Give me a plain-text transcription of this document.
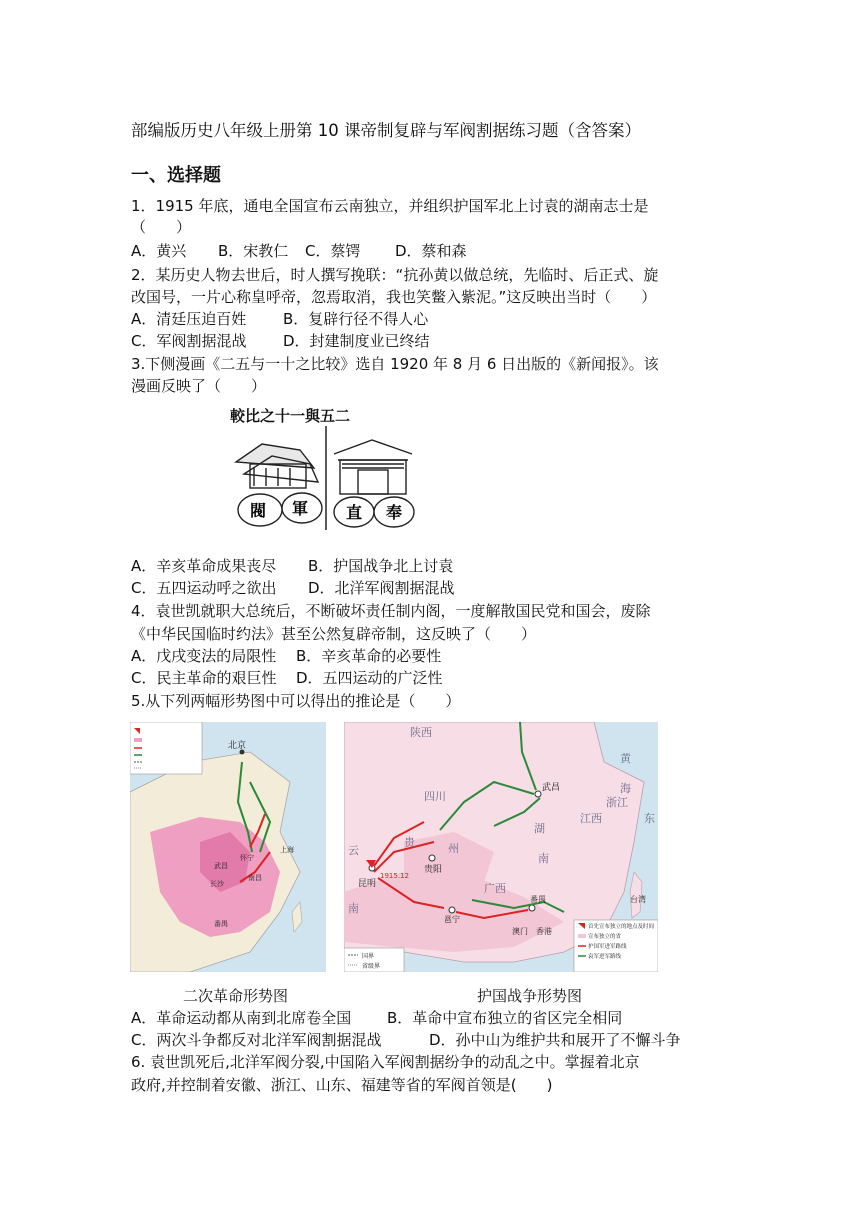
部编版历史八年级上册第 10 课帝制复辟与军阀割据练习题（含答案）
一、选择题
1．1915 年底，通电全国宣布云南独立，并组织护国军北上讨袁的湖南志士是
（　　）
A．黄兴 B．宋教仁 C．蔡锷 D．蔡和森
2．某历史人物去世后，时人撰写挽联：“抗孙黄以做总统，先临时、后正式、旋
改国号，一片心称皇呼帝，忽焉取消，我也笑鳖入紫泥。”这反映出当时（　　）
A．清廷压迫百姓 B．复辟行径不得人心
C．军阀割据混战 D．封建制度业已终结
3.下侧漫画《二五与一十之比较》选自 1920 年 8 月 6 日出版的《新闻报》。该
漫画反映了（　　）
較比之十一與五二
閥 軍 直 奉
A．辛亥革命成果丧尽 B．护国战争北上讨袁
C．五四运动呼之欲出 D．北洋军阀割据混战
4．袁世凯就职大总统后，不断破坏责任制内阁，一度解散国民党和国会，废除
《中华民国临时约法》甚至公然复辟帝制，这反映了（　　）
A．戊戌变法的局限性 B．辛亥革命的必要性
C．民主革命的艰巨性 D．五四运动的广泛性
5.从下列两幅形势图中可以得出的推论是（　　）
北京
怀宁
武昌
长沙
南昌
番禺
上海
陕西
四川
武昌
贵阳
昆明
邕宁
番禺
澳门 香港
湖
南
江西
浙江
广西
贵	州
云
南
台湾
1915.12
黄
海
东
首先宣布独立的地点及时间
宣布独立的省
护国军进军路线
袁军进军路线
国界
省级界
二次革命形势图	护国战争形势图
A．革命运动都从南到北席卷全国 B．革命中宣布独立的省区完全相同
C．两次斗争都反对北洋军阀割据混战	D．孙中山为维护共和展开了不懈斗争
6. 袁世凯死后,北洋军阀分裂,中国陷入军阀割据纷争的动乱之中。掌握着北京
政府,并控制着安徽、浙江、山东、福建等省的军阀首领是(　　)
